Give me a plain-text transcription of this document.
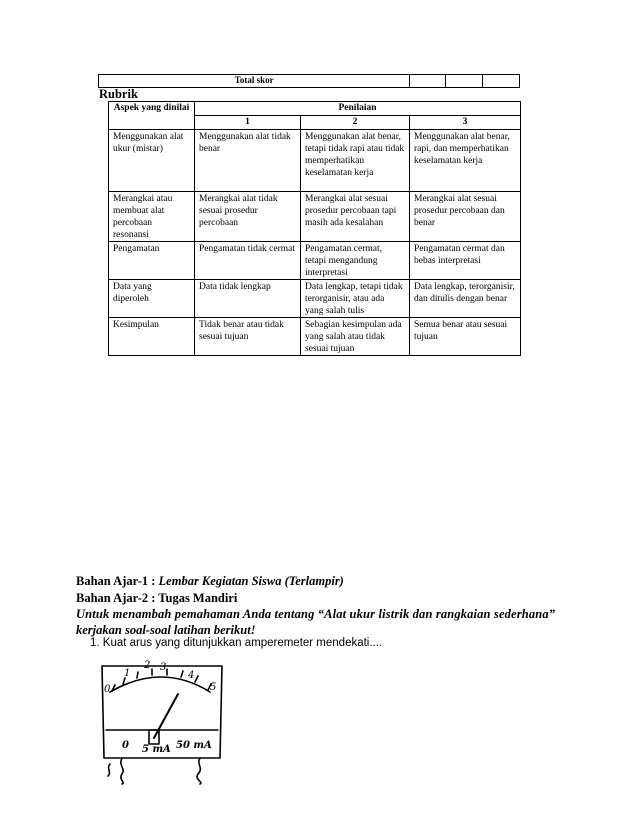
Total skor			
Rubrik
Aspek yang dinilai	Penilaian		
	1	2	3
Menggunakan alat ukur (mistar)	Menggunakan alat tidak benar	Menggunakan alat benar, tetapi tidak rapi atau tidak memperhatikan keselamatan kerja	Menggunakan alat benar, rapi, dan memperhatikan keselamatan kerja
Merangkai atau membuat alat percobaan resonansi	Merangkai alat tidak sesuai prosedur percobaan	Merangkai alat sesuai prosedur percobaan tapi masih ada kesalahan	Merangkai alat sesuai prosedur percobaan dan benar
Pengamatan	Pengamatan tidak cermat	Pengamatan cermat, tetapi mengandung interpretasi	Pengamatan cermat dan bebas interpretasi
Data yang diperoleh	Data tidak lengkap	Data lengkap, tetapi tidak terorganisir, atau ada yang salah tulis	Data lengkap, terorganisir, dan ditulis dengan benar
Kesimpulan	Tidak benar atau tidak sesuai tujuan	Sebagian kesimpulan ada yang salah atau tidak sesuai tujuan	Semua benar atau sesuai tujuan
Bahan Ajar-1 : Lembar Kegiatan Siswa (Terlampir)
Bahan Ajar-2 : Tugas Mandiri
Untuk menambah pemahaman Anda tentang “Alat ukur listrik dan rangkaian sederhana”
kerjakan soal-soal latihan berikut!
1. Kuat arus yang ditunjukkan amperemeter mendekati....
0
1
2 3
4
5
0 5 mA 50 mA
